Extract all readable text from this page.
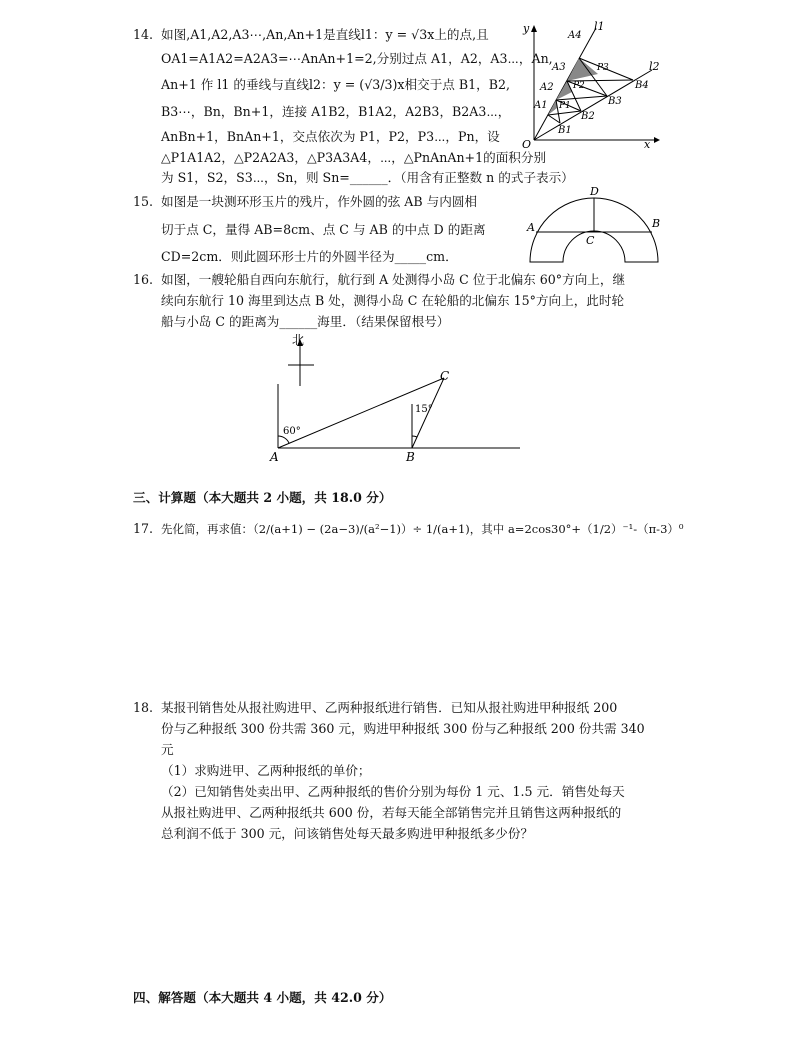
14. 如图,A1,A2,A3⋯,An,An+1是直线l1：y = √3x上的点,且
OA1=A1A2=A2A3=⋯AnAn+1=2,分别过点 A1，A2，A3⋯，An,
An+1 作 l1 的垂线与直线l2：y = (√3/3)x相交于点 B1，B2,
B3⋯，Bn，Bn+1，连接 A1B2，B1A2，A2B3，B2A3⋯，
AnBn+1，BnAn+1，交点依次为 P1，P2，P3⋯，Pn，设
△P1A1A2，△P2A2A3，△P3A3A4，⋯，△PnAnAn+1的面积分别
为 S1，S2，S3⋯，Sn，则 Sn=______．（用含有正整数 n 的式子表示）
y
x
O
l1
l2
A1
A2
A3
A4
B1
B2
B3
B4
P1
P2
P3
15. 如图是一块测环形玉片的残片，作外圆的弦 AB 与内圆相
切于点 C，量得 AB=8cm、点 C 与 AB 的中点 D 的距离
CD=2cm．则此圆环形士片的外圆半径为_____cm．
A	B
C
D
16. 如图，一艘轮船自西向东航行，航行到 A 处测得小岛 C 位于北偏东 60°方向上，继
续向东航行 10 海里到达点 B 处，测得小岛 C 在轮船的北偏东 15°方向上，此时轮
船与小岛 C 的距离为______海里．（结果保留根号）
北
60°
15°
A	B
C
三、计算题（本大题共 2 小题，共 18.0 分）
17. 先化简，再求值：（2/(a+1) − (2a−3)/(a²−1)）÷ 1/(a+1)，其中 a=2cos30°+（1/2）⁻¹-（π-3）⁰
18. 某报刊销售处从报社购进甲、乙两种报纸进行销售．已知从报社购进甲种报纸 200
份与乙种报纸 300 份共需 360 元，购进甲种报纸 300 份与乙种报纸 200 份共需 340
元
（1）求购进甲、乙两种报纸的单价；
（2）已知销售处卖出甲、乙两种报纸的售价分别为每份 1 元、1.5 元．销售处每天
从报社购进甲、乙两种报纸共 600 份，若每天能全部销售完并且销售这两种报纸的
总利润不低于 300 元，问该销售处每天最多购进甲种报纸多少份？
四、解答题（本大题共 4 小题，共 42.0 分）
